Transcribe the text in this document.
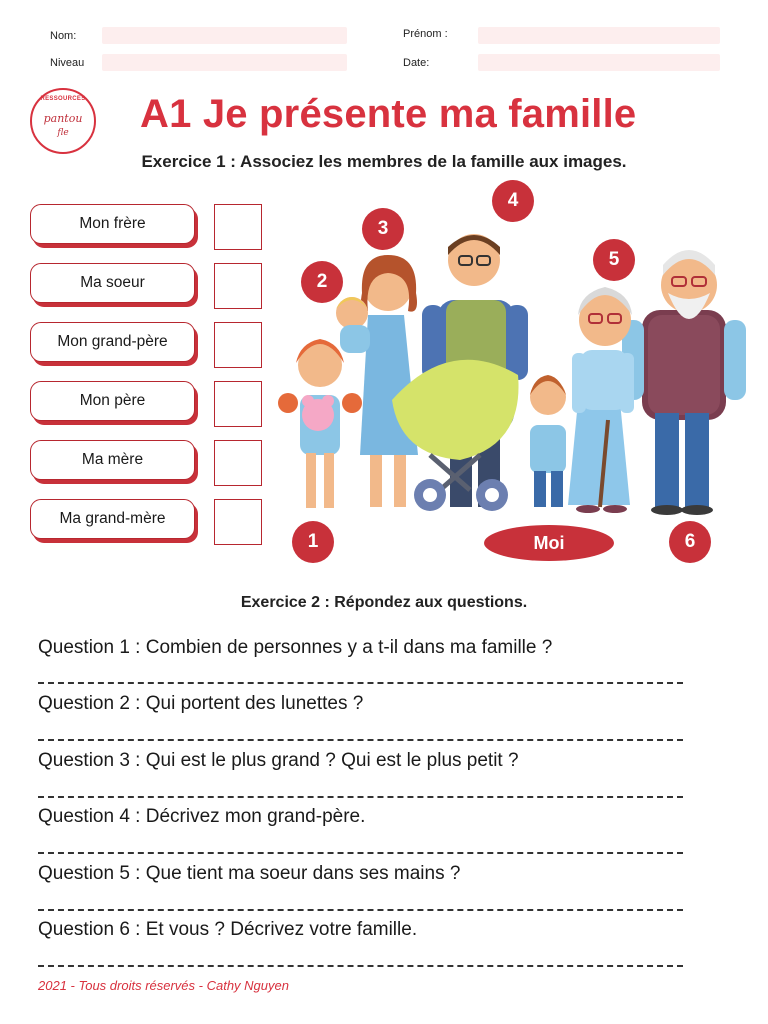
Nom:
Niveau
Prénom :
Date:
RESSOURCES
pantou
fle	A1 Je présente ma famille
Exercice 1 : Associez les membres de la famille aux images.
Mon frère
Ma soeur
Mon grand-père
Mon père
Ma mère
Ma grand-mère
1
2
3
4
5
6
Moi
Exercice 2 : Répondez aux questions.
Question 1 : Combien de personnes y a t-il dans ma famille ?
Question 2 : Qui portent des lunettes ?
Question 3 : Qui est le plus grand ? Qui est le plus petit ?
Question 4 : Décrivez mon grand-père.
Question 5 : Que tient ma soeur dans ses mains ?
Question 6 : Et vous ? Décrivez votre famille.
2021 - Tous droits réservés - Cathy Nguyen
